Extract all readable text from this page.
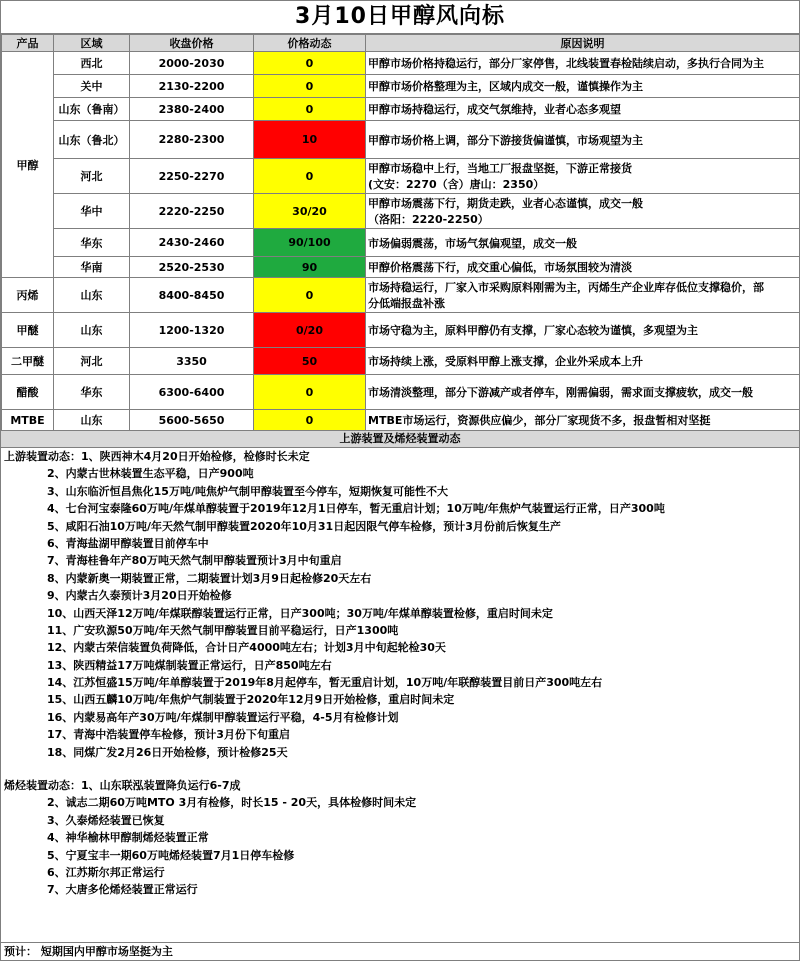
3月10日甲醇风向标
产品	区域	收盘价格	价格动态	原因说明
甲醇	西北	2000-2030	0	甲醇市场价格持稳运行，部分厂家停售，北线装置春检陆续启动，多执行合同为主

	关中	2130-2200	0	甲醇市场价格整理为主，区域内成交一般，谨慎操作为主

	山东（鲁南）	2380-2400	0	甲醇市场持稳运行，成交气氛维持，业者心态多观望

	山东（鲁北）	2280-2300	10	甲醇市场价格上调，部分下游接货偏谨慎，市场观望为主

	河北	2250-2270	0	甲醇市场稳中上行，当地工厂报盘坚挺，下游正常接货
(文安：2270（含）唐山：2350）

	华中	2220-2250	30/20	甲醇市场震荡下行，期货走跌，业者心态谨慎，成交一般
（洛阳：2220-2250）

	华东	2430-2460	90/100	市场偏弱震荡，市场气氛偏观望，成交一般

	华南	2520-2530	90	甲醇价格震荡下行，成交重心偏低，市场氛围较为清淡

丙烯	山东	8400-8450	0	市场持稳运行，厂家入市采购原料刚需为主，丙烯生产企业库存低位支撑稳价，部
分低端报盘补涨

甲醚	山东	1200-1320	0/20	市场守稳为主，原料甲醇仍有支撑，厂家心态较为谨慎，多观望为主

二甲醚	河北	3350	50	市场持续上涨，受原料甲醇上涨支撑，企业外采成本上升

醋酸	华东	6300-6400	0	市场清淡整理，部分下游减产或者停车，刚需偏弱，需求面支撑疲软，成交一般

MTBE	山东	5600-5650	0	MTBE市场运行，资源供应偏少，部分厂家现货不多，报盘暂相对坚挺
上游装置及烯烃装置动态
上游装置动态：1、陕西神木4月20日开始检修，检修时长未定
2、内蒙古世林装置生态平稳，日产900吨
3、山东临沂恒昌焦化15万吨/吨焦炉气制甲醇装置至今停车，短期恢复可能性不大
4、七台河宝泰隆60万吨/年煤单醇装置于2019年12月1日停车，暂无重启计划；10万吨/年焦炉气装置运行正常，日产300吨
5、咸阳石油10万吨/年天然气制甲醇装置2020年10月31日起因限气停车检修，预计3月份前后恢复生产
6、青海盐湖甲醇装置目前停车中
7、青海桂鲁年产80万吨天然气制甲醇装置预计3月中旬重启
8、内蒙新奥一期装置正常，二期装置计划3月9日起检修20天左右
9、内蒙古久泰预计3月20日开始检修
10、山西天泽12万吨/年煤联醇装置运行正常，日产300吨；30万吨/年煤单醇装置检修，重启时间未定
11、广安玖源50万吨/年天然气制甲醇装置目前平稳运行，日产1300吨
12、内蒙古荣信装置负荷降低，合计日产4000吨左右；计划3月中旬起轮检30天
13、陕西精益17万吨煤制装置正常运行，日产850吨左右
14、江苏恒盛15万吨/年单醇装置于2019年8月起停车，暂无重启计划，10万吨/年联醇装置目前日产300吨左右
15、山西五麟10万吨/年焦炉气制装置于2020年12月9日开始检修，重启时间未定
16、内蒙易高年产30万吨/年煤制甲醇装置运行平稳，4-5月有检修计划
17、青海中浩装置停车检修，预计3月份下旬重启
18、同煤广发2月26日开始检修，预计检修25天
烯烃装置动态：1、山东联泓装置降负运行6-7成
2、诚志二期60万吨MTO 3月有检修，时长15 - 20天，具体检修时间未定
3、久泰烯烃装置已恢复
4、神华榆林甲醇制烯烃装置正常
5、宁夏宝丰一期60万吨烯烃装置7月1日停车检修
6、江苏斯尔邦正常运行
7、大唐多伦烯烃装置正常运行
预计： 短期国内甲醇市场坚挺为主
